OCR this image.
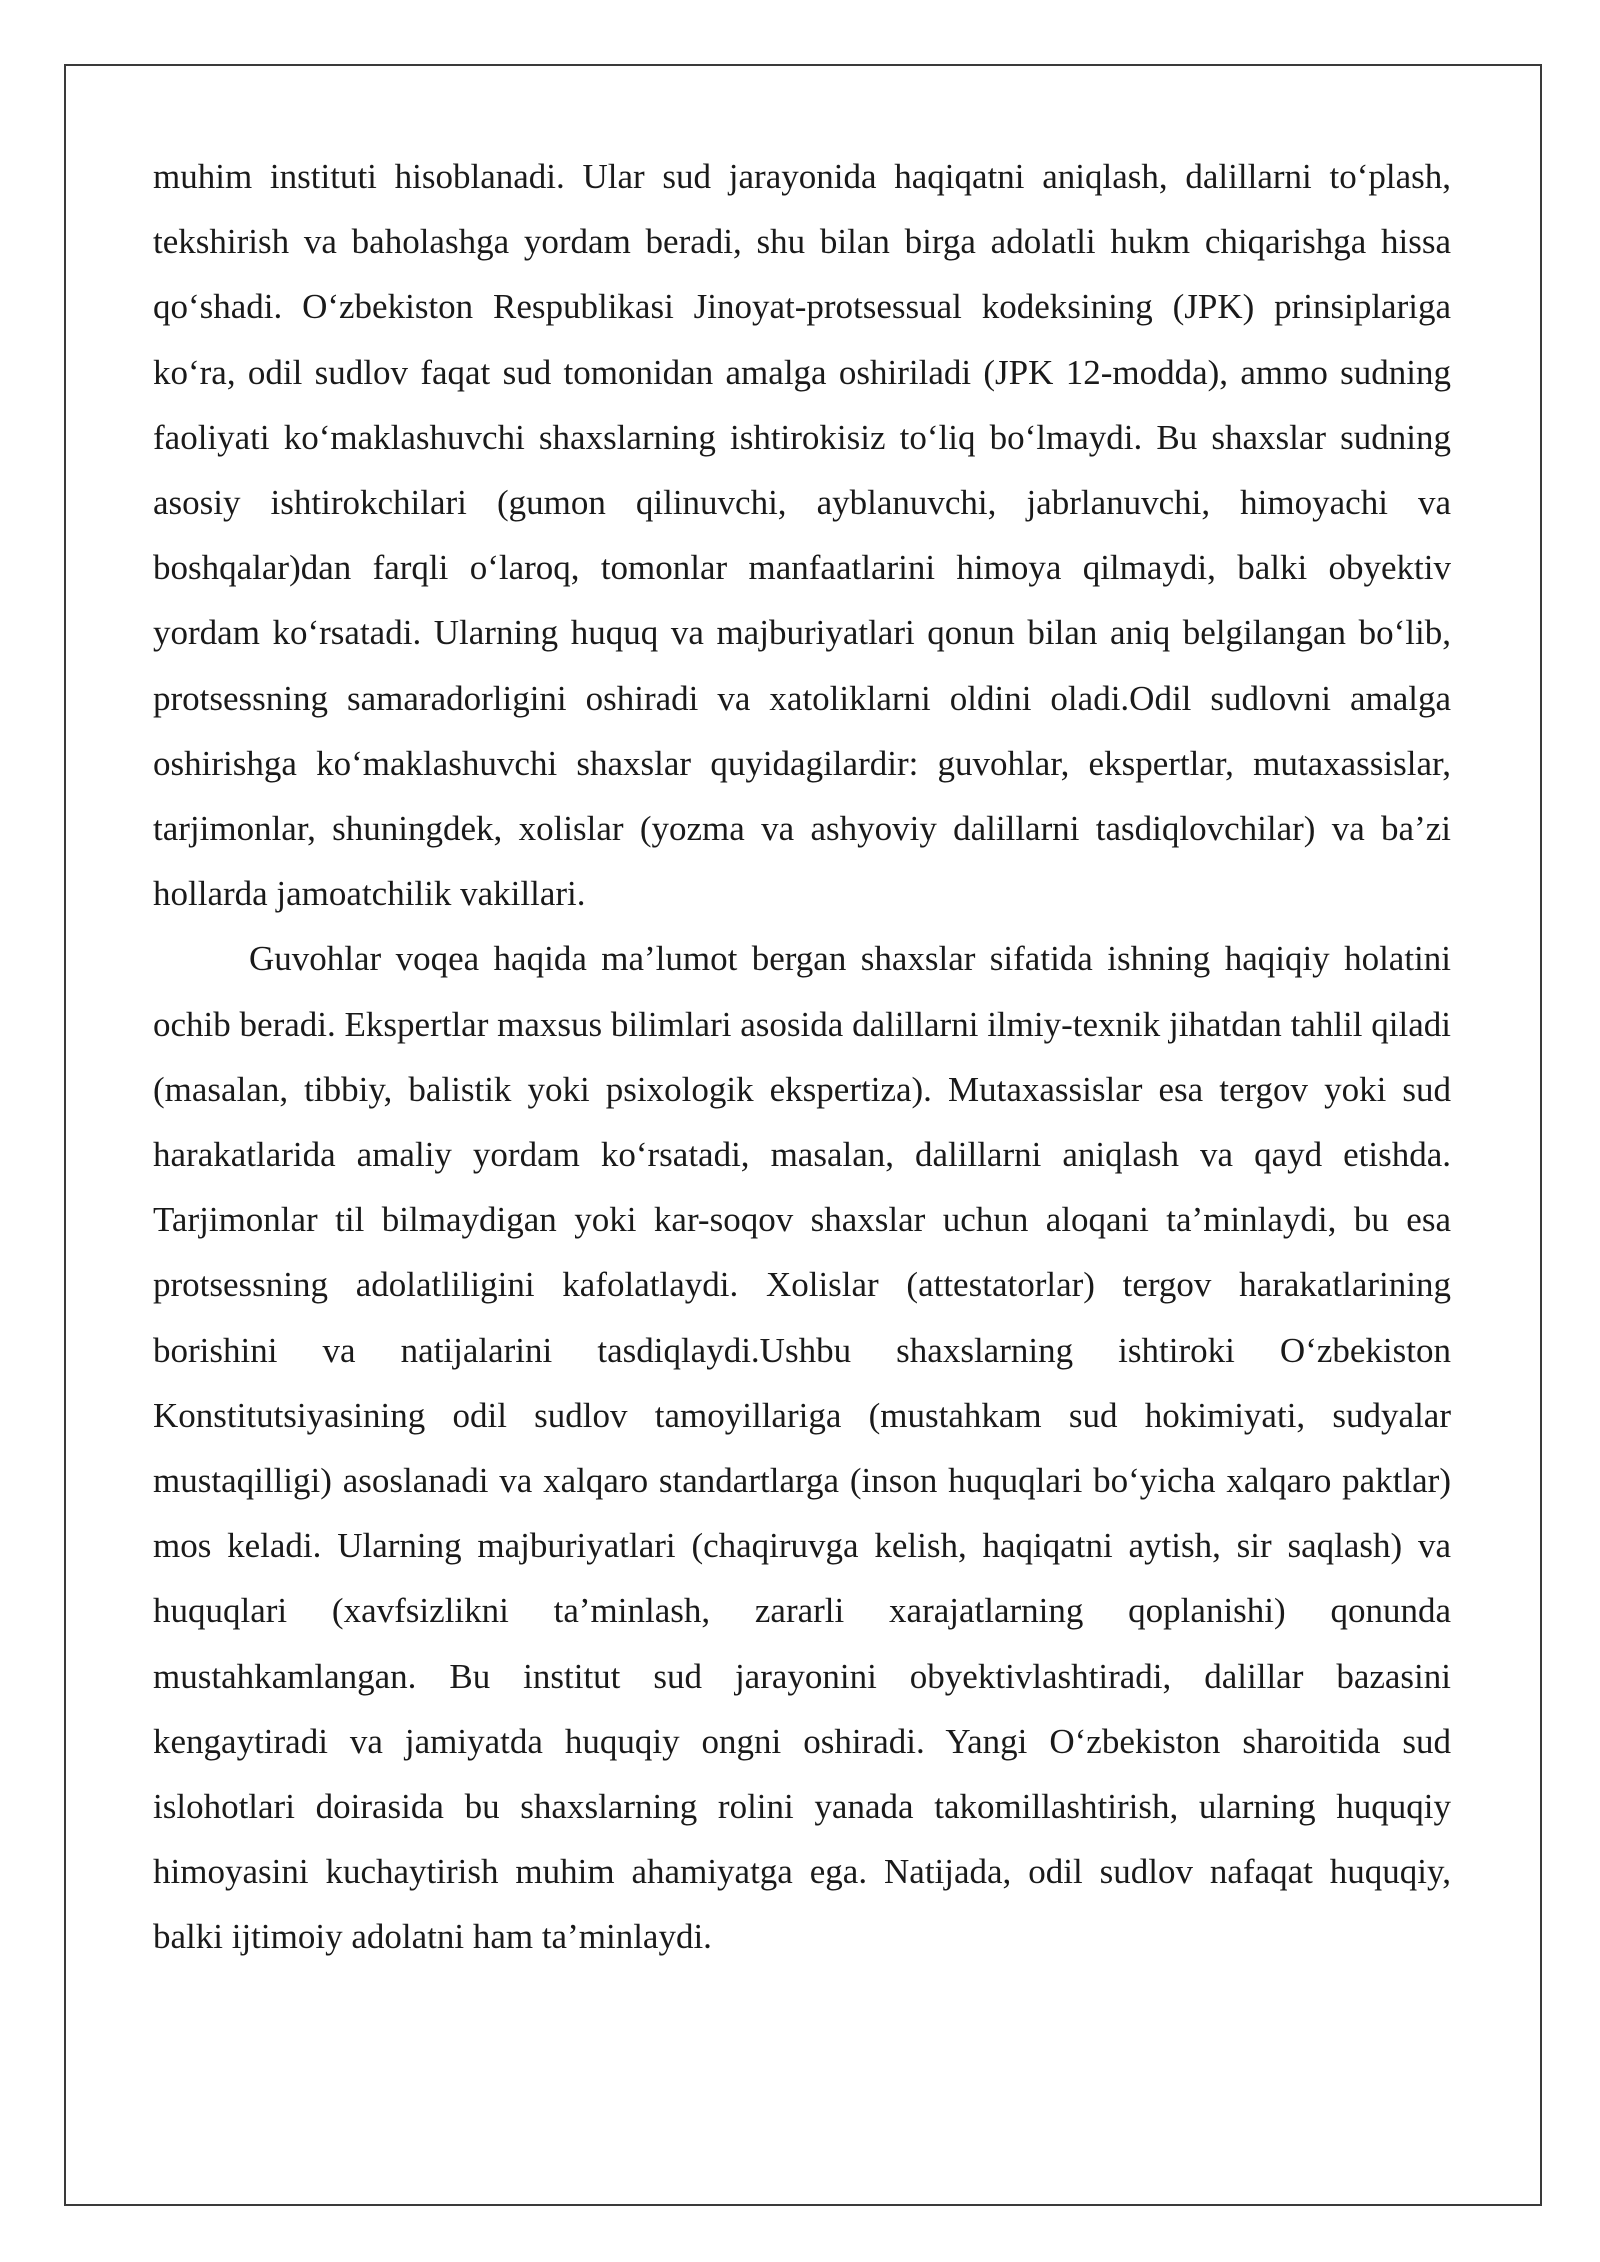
muhim instituti hisoblanadi. Ular sud jarayonida haqiqatni aniqlash, dalillarni to‘plash, tekshirish va baholashga yordam beradi, shu bilan birga adolatli hukm chiqarishga hissa qo‘shadi. O‘zbekiston Respublikasi Jinoyat-protsessual kodeksining (JPK) prinsiplariga ko‘ra, odil sudlov faqat sud tomonidan amalga oshiriladi (JPK 12-modda), ammo sudning faoliyati ko‘maklashuvchi shaxslarning ishtirokisiz to‘liq bo‘lmaydi. Bu shaxslar sudning asosiy ishtirokchilari (gumon qilinuvchi, ayblanuvchi, jabrlanuvchi, himoyachi va boshqalar)dan farqli o‘laroq, tomonlar manfaatlarini himoya qilmaydi, balki obyektiv yordam ko‘rsatadi. Ularning huquq va majburiyatlari qonun bilan aniq belgilangan bo‘lib, protsessning samaradorligini oshiradi va xatoliklarni oldini oladi.Odil sudlovni amalga oshirishga ko‘maklashuvchi shaxslar quyidagilardir: guvohlar, ekspertlar, mutaxassislar, tarjimonlar, shuningdek, xolislar (yozma va ashyoviy dalillarni tasdiqlovchilar) va ba’zi hollarda jamoatchilik vakillari.

Guvohlar voqea haqida ma’lumot bergan shaxslar sifatida ishning haqiqiy holatini ochib beradi. Ekspertlar maxsus bilimlari asosida dalillarni ilmiy-texnik jihatdan tahlil qiladi (masalan, tibbiy, balistik yoki psixologik ekspertiza). Mutaxassislar esa tergov yoki sud harakatlarida amaliy yordam ko‘rsatadi, masalan, dalillarni aniqlash va qayd etishda. Tarjimonlar til bilmaydigan yoki kar-soqov shaxslar uchun aloqani ta’minlaydi, bu esa protsessning adolatliligini kafolatlaydi. Xolislar (attestatorlar) tergov harakatlarining borishini va natijalarini tasdiqlaydi.Ushbu shaxslarning ishtiroki O‘zbekiston Konstitutsiyasining odil sudlov tamoyillariga (mustahkam sud hokimiyati, sudyalar mustaqilligi) asoslanadi va xalqaro standartlarga (inson huquqlari bo‘yicha xalqaro paktlar) mos keladi. Ularning majburiyatlari (chaqiruvga kelish, haqiqatni aytish, sir saqlash) va huquqlari (xavfsizlikni ta’minlash, zararli xarajatlarning qoplanishi) qonunda mustahkamlangan. Bu institut sud jarayonini obyektivlashtiradi, dalillar bazasini kengaytiradi va jamiyatda huquqiy ongni oshiradi. Yangi O‘zbekiston sharoitida sud islohotlari doirasida bu shaxslarning rolini yanada takomillashtirish, ularning huquqiy himoyasini kuchaytirish muhim ahamiyatga ega. Natijada, odil sudlov nafaqat huquqiy, balki ijtimoiy adolatni ham ta’minlaydi.
